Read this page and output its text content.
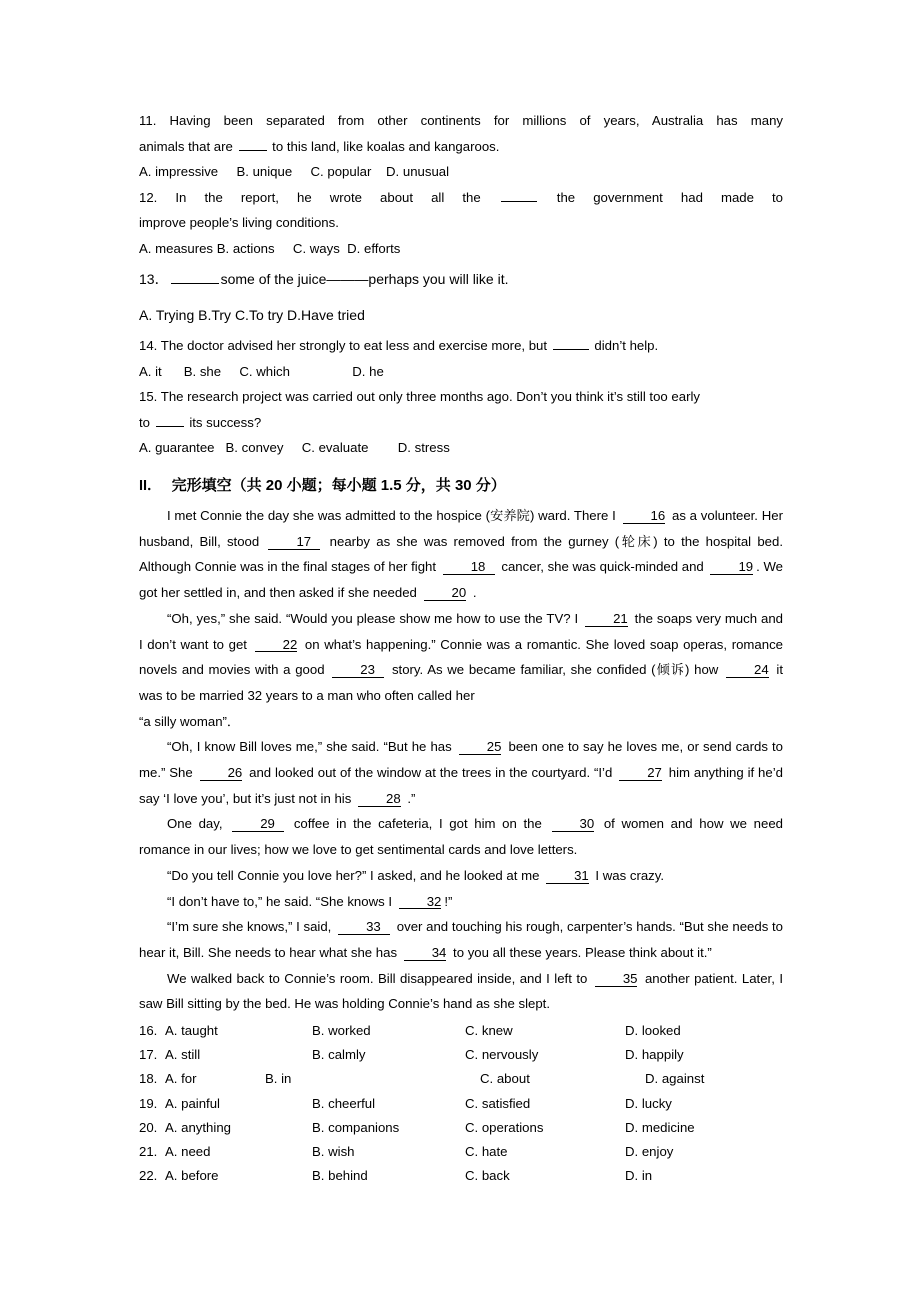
11. Having been separated from other continents for millions of years, Australia has many
animals that are  to this land, like koalas and kangaroos.
A. impressive     B. unique     C. popular    D. unusual
12. In the report, he wrote about all the	the government had made to
improve people’s living conditions.
A. measures B. actions     C. ways  D. efforts
13．	some of the juice———perhaps you will like it.
A. Trying B.Try C.To try D.Have tried
14. The doctor advised her strongly to eat less and exercise more, but	didn’t help.
A. it      B. she     C. which                 D. he
15. The research project was carried out only three months ago. Don’t you think it’s still too early
to  its success?
A. guarantee   B. convey     C. evaluate        D. stress
II． 完形填空（共 20 小题；每小题 1.5 分，共 30 分）

I met Connie the day she was admitted to the hospice (安养院) ward. There I 16 as a volunteer. Her husband, Bill, stood 17 nearby as she was removed from the gurney (轮床) to the hospital bed. Although Connie was in the final stages of her fight 18 cancer, she was quick-minded and 19 . We got her settled in, and then asked if she needed 20 .

“Oh, yes,” she said. “Would you please show me how to use the TV? I 21 the soaps very much and I don’t want to get 22 on what’s happening.” Connie was a romantic. She loved soap operas, romance novels and movies with a good 23 story. As we became familiar, she confided (倾诉) how 24 it was to be married 32 years to a man who often called her

“a silly woman”．

“Oh, I know Bill loves me,” she said. “But he has 25 been one to say he loves me, or send cards to me.” She 26 and looked out of the window at the trees in the courtyard. “I’d 27 him anything if he’d say ‘I love you’, but it’s just not in his 28 .”

One day, 29 coffee in the cafeteria, I got him on the 30 of women and how we need romance in our lives; how we love to get sentimental cards and love letters.

“Do you tell Connie you love her?” I asked, and he looked at me 31 I was crazy.

“I don’t have to,” he said. “She knows I 32 !”

“I’m sure she knows,” I said, 33 over and touching his rough, carpenter’s hands. “But she needs to hear it, Bill. She needs to hear what she has 34 to you all these years. Please think about it.”

We walked back to Connie’s room. Bill disappeared inside, and I left to 35 another patient. Later, I saw Bill sitting by the bed. He was holding Connie’s hand as she slept.

16.A. taught	B. worked	C. knew	D. looked
17.A. still	B. calmly	C. nervously	D. happily
18.A. for	B. in	C. about	D. against
19.A. painful	B. cheerful	C. satisfied	D. lucky
20.A. anything	B. companions	C. operations	D. medicine
21.A. need	B. wish	C. hate	D. enjoy
22.A. before	B. behind	C. back	D. in
